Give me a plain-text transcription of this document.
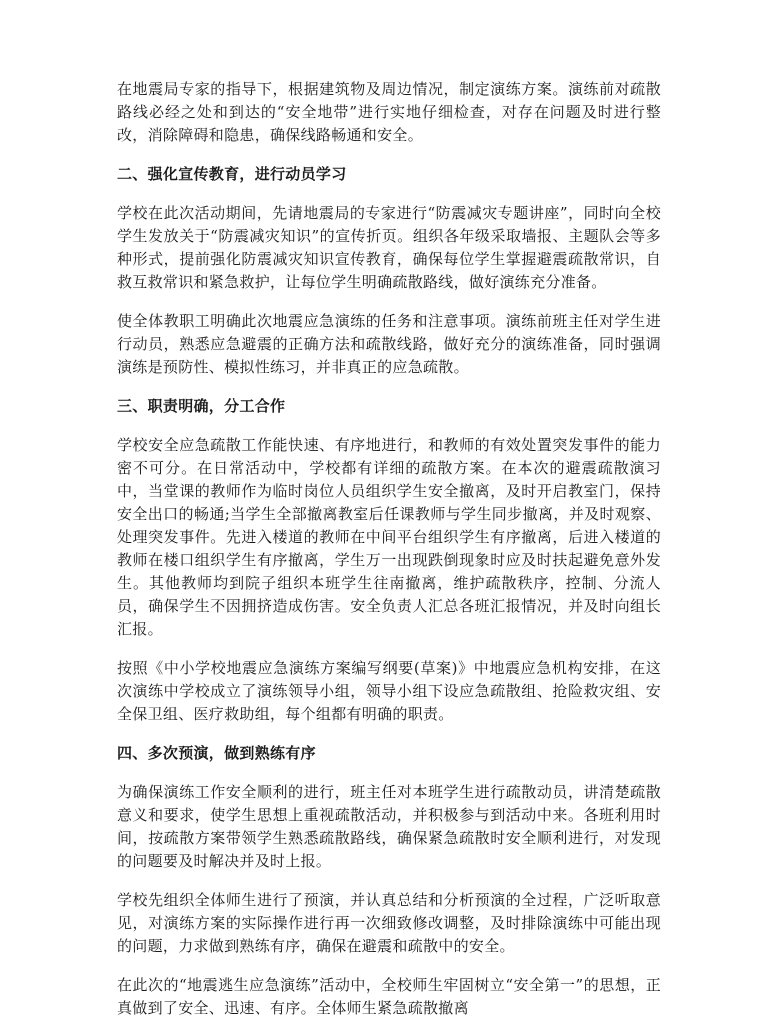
在地震局专家的指导下，根据建筑物及周边情况，制定演练方案。演练前对疏散路线必经之处和到达的“安全地带”进行实地仔细检查，对存在问题及时进行整改，消除障碍和隐患，确保线路畅通和安全。

二、强化宣传教育，进行动员学习

学校在此次活动期间，先请地震局的专家进行“防震减灾专题讲座”，同时向全校学生发放关于“防震减灾知识”的宣传折页。组织各年级采取墙报、主题队会等多种形式，提前强化防震减灾知识宣传教育，确保每位学生掌握避震疏散常识，自救互救常识和紧急救护，让每位学生明确疏散路线，做好演练充分准备。

使全体教职工明确此次地震应急演练的任务和注意事项。演练前班主任对学生进行动员，熟悉应急避震的正确方法和疏散线路，做好充分的演练准备，同时强调演练是预防性、模拟性练习，并非真正的应急疏散。

三、职责明确，分工合作

学校安全应急疏散工作能快速、有序地进行，和教师的有效处置突发事件的能力密不可分。在日常活动中，学校都有详细的疏散方案。在本次的避震疏散演习中，当堂课的教师作为临时岗位人员组织学生安全撤离，及时开启教室门，保持安全出口的畅通;当学生全部撤离教室后任课教师与学生同步撤离，并及时观察、处理突发事件。先进入楼道的教师在中间平台组织学生有序撤离，后进入楼道的教师在楼口组织学生有序撤离，学生万一出现跌倒现象时应及时扶起避免意外发生。其他教师均到院子组织本班学生往南撤离，维护疏散秩序，控制、分流人员，确保学生不因拥挤造成伤害。安全负责人汇总各班汇报情况，并及时向组长汇报。

按照《中小学校地震应急演练方案编写纲要(草案)》中地震应急机构安排，在这次演练中学校成立了演练领导小组，领导小组下设应急疏散组、抢险救灾组、安全保卫组、医疗救助组，每个组都有明确的职责。

四、多次预演，做到熟练有序

为确保演练工作安全顺利的进行，班主任对本班学生进行疏散动员，讲清楚疏散意义和要求，使学生思想上重视疏散活动，并积极参与到活动中来。各班利用时间，按疏散方案带领学生熟悉疏散路线，确保紧急疏散时安全顺利进行，对发现的问题要及时解决并及时上报。

学校先组织全体师生进行了预演，并认真总结和分析预演的全过程，广泛听取意见，对演练方案的实际操作进行再一次细致修改调整，及时排除演练中可能出现的问题，力求做到熟练有序，确保在避震和疏散中的安全。

在此次的“地震逃生应急演练”活动中，全校师生牢固树立“安全第一”的思想，正真做到了安全、迅速、有序。全体师生紧急疏散撤离
